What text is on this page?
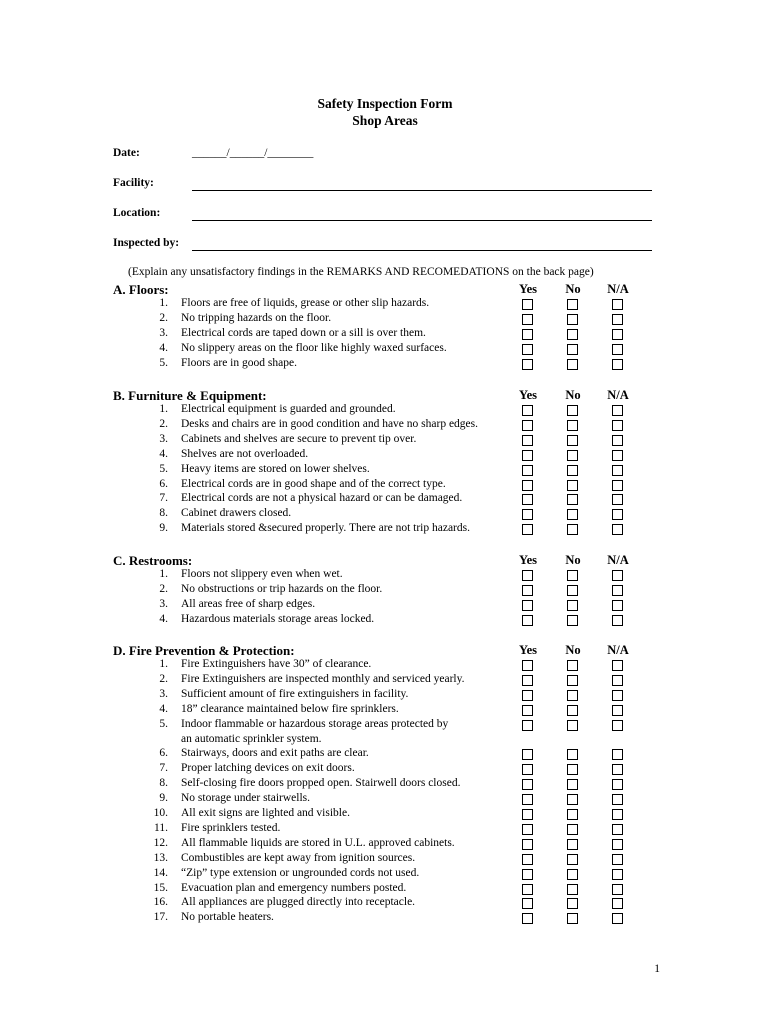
Safety Inspection Form
Shop Areas
Date:	______/______/________
Facility:
Location:
Inspected by:
(Explain any unsatisfactory findings in the REMARKS AND RECOMEDATIONS on the back page)
A. Floors:	Yes	No	N/A
1. Floors are free of liquids, grease or other slip hazards.
2. No tripping hazards on the floor.
3. Electrical cords are taped down or a sill is over them.
4. No slippery areas on the floor like highly waxed surfaces.
5. Floors are in good shape.
B. Furniture & Equipment:	Yes	No	N/A
1. Electrical equipment is guarded and grounded.
2. Desks and chairs are in good condition and have no sharp edges.
3. Cabinets and shelves are secure to prevent tip over.
4. Shelves are not overloaded.
5. Heavy items are stored on lower shelves.
6. Electrical cords are in good shape and of the correct type.
7. Electrical cords are not a physical hazard or can be damaged.
8. Cabinet drawers closed.
9. Materials stored &secured properly. There are not trip hazards.
C. Restrooms:	Yes	No	N/A
1. Floors not slippery even when wet.
2. No obstructions or trip hazards on the floor.
3. All areas free of sharp edges.
4. Hazardous materials storage areas locked.
D. Fire Prevention & Protection:	Yes	No	N/A
1. Fire Extinguishers have 30” of clearance.
2. Fire Extinguishers are inspected monthly and serviced yearly.
3. Sufficient amount of fire extinguishers in facility.
4. 18” clearance maintained below fire sprinklers.
5. Indoor flammable or hazardous storage areas protected by
an automatic sprinkler system.
6. Stairways, doors and exit paths are clear.
7. Proper latching devices on exit doors.
8. Self-closing fire doors propped open. Stairwell doors closed.
9. No storage under stairwells.
10. All exit signs are lighted and visible.
11. Fire sprinklers tested.
12. All flammable liquids are stored in U.L. approved cabinets.
13. Combustibles are kept away from ignition sources.
14. “Zip” type extension or ungrounded cords not used.
15. Evacuation plan and emergency numbers posted.
16. All appliances are plugged directly into receptacle.
17. No portable heaters.
1
